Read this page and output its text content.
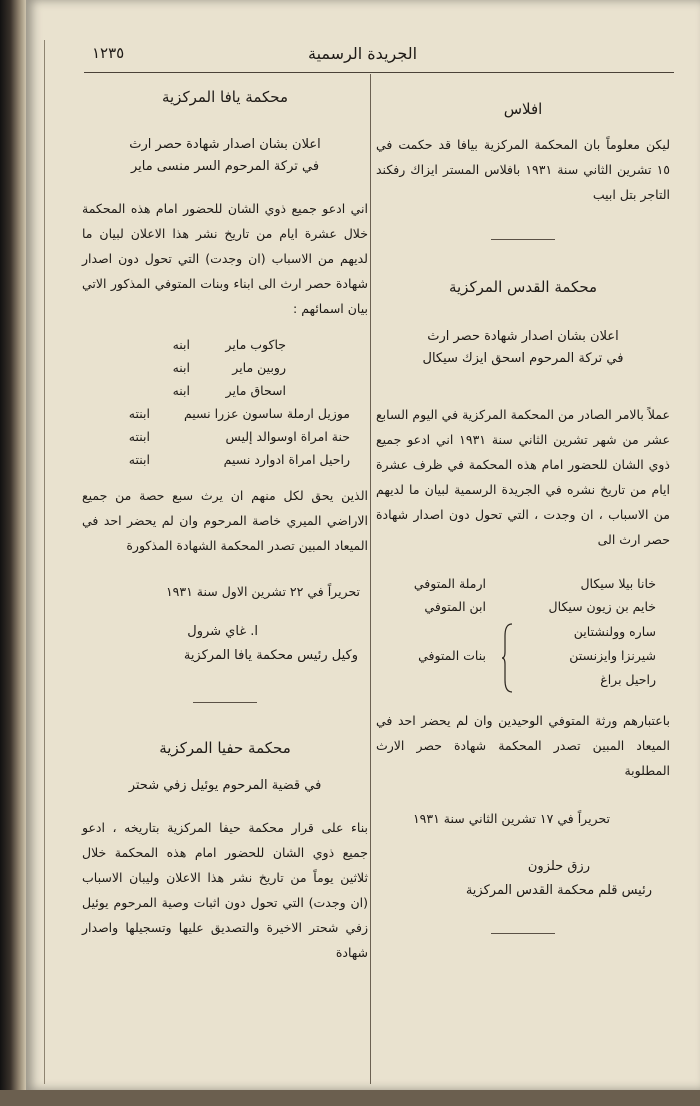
١٢٣٥	الجريدة الرسمية

افلاس

ليكن معلوماً بان المحكمة المركزية بيافا قد حكمت في ١٥ تشرين الثاني سنة ١٩٣١ بافلاس المستر ايزاك رفكند التاجر بتل ابيب

محكمة القدس المركزية

اعلان بشان اصدار شهادة حصر ارث

في تركة المرحوم اسحق ايزك سيكال

عملاً بالامر الصادر من المحكمة المركزية في اليوم السابع عشر من شهر تشرين الثاني سنة ١٩٣١ اني ادعو جميع ذوي الشان للحضور امام هذه المحكمة في ظرف عشرة ايام من تاريخ نشره في الجريدة الرسمية لبيان ما لديهم من الاسباب ، ان وجدت ، التي تحول دون اصدار شهادة حصر ارث الى

خانا بيلا سيكال
ارملة المتوفي
خايم بن زيون سيكال
ابن المتوفي
ساره وولنشتاين
شيرنزا وايزنستن
بنات المتوفي
راحيل براغ

باعتبارهم ورثة المتوفي الوحيدين وان لم يحضر احد في الميعاد المبين تصدر المحكمة شهادة حصر الارث المطلوبة

تحريراً في ١٧ تشرين الثاني سنة ١٩٣١

رزق حلزون

رئيس قلم محكمة القدس المركزية

محكمة يافا المركزية

اعلان بشان اصدار شهادة حصر ارث

في تركة المرحوم السر منسى ماير

اني ادعو جميع ذوي الشان للحضور امام هذه المحكمة خلال عشرة ايام من تاريخ نشر هذا الاعلان لبيان ما لديهم من الاسباب (ان وجدت) التي تحول دون اصدار شهادة حصر ارث الى ابناء وبنات المتوفي المذكور الاتي بيان اسمائهم :

جاكوب ماير
ابنه
روبين ماير
ابنه
اسحاق ماير
ابنه
موزيل ارملة ساسون عزرا نسيم
ابنته
حنة امراة اوسوالد إليس
ابنته
راحيل امراة ادوارد نسيم
ابنته

الذين يحق لكل منهم ان يرث سبع حصة من جميع الاراضي الميري خاصة المرحوم وان لم يحضر احد في الميعاد المبين تصدر المحكمة الشهادة المذكورة

تحريراً في ٢٢ تشرين الاول سنة ١٩٣١

ا. غاي شرول

وكيل رئيس محكمة يافا المركزية

محكمة حفيا المركزية

في قضية المرحوم يوئيل زفي شحتر

بناء على قرار محكمة حيفا المركزية بتاريخه ، ادعو جميع ذوي الشان للحضور امام هذه المحكمة خلال ثلاثين يوماً من تاريخ نشر هذا الاعلان وليبان الاسباب (ان وجدت) التي تحول دون اثبات وصية المرحوم يوئيل زفي شحتر الاخيرة والتصديق عليها وتسجيلها واصدار شهادة
